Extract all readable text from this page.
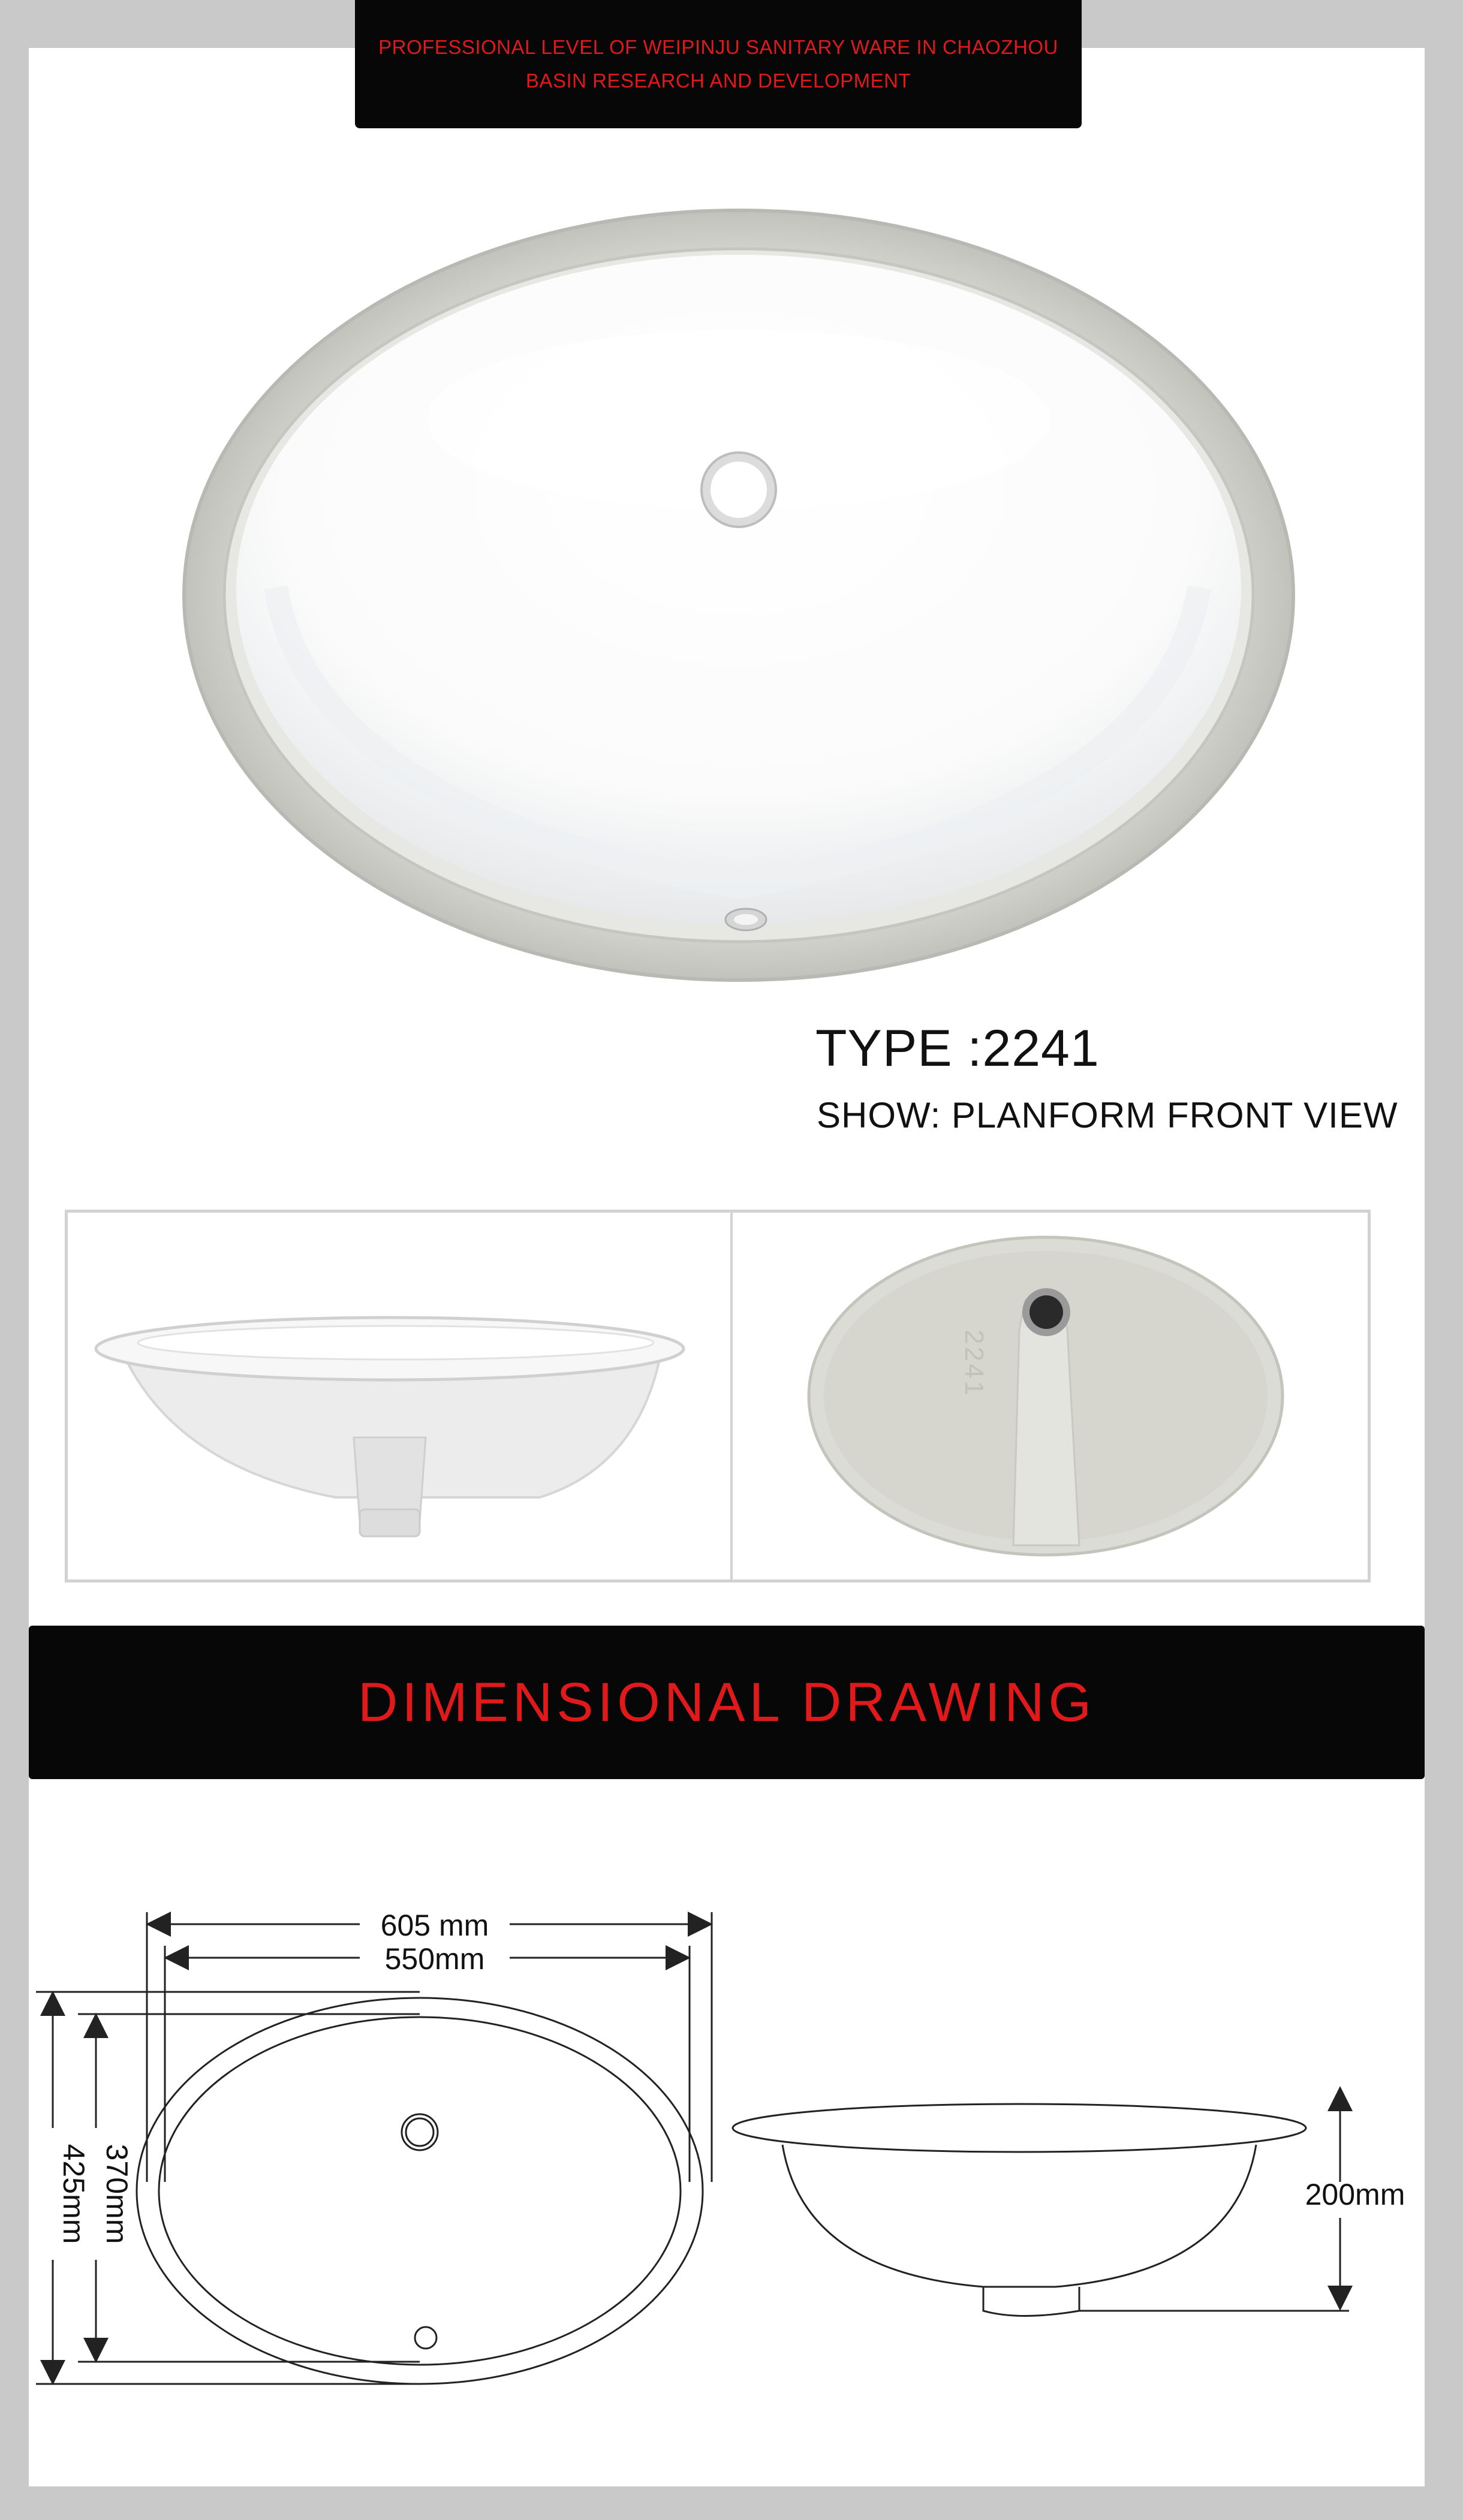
PROFESSIONAL LEVEL OF WEIPINJU SANITARY WARE IN CHAOZHOU
BASIN RESEARCH AND DEVELOPMENT
TYPE :2241
SHOW: PLANFORM FRONT VIEW
2241
DIMENSIONAL DRAWING
605 mm
550mm
425mm 370mm	200mm
